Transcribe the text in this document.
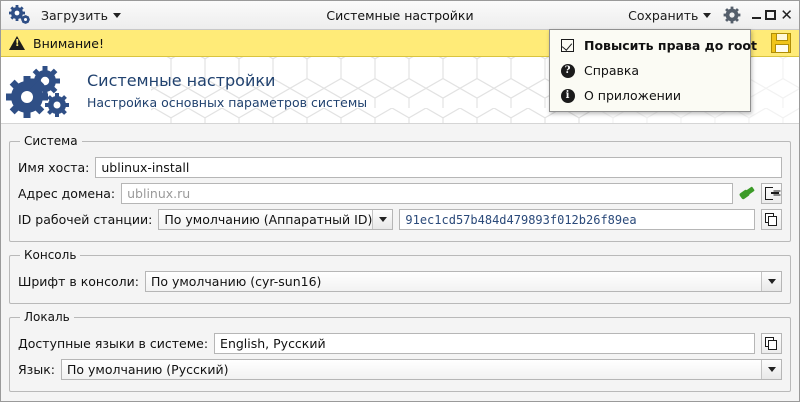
Загрузить	Системные настройки	Сохранить	✕
Повысить права до root
?	Справка
i	О приложении
!
Внимание!
Системные настройки
Настройка основных параметров системы
Система
Имя хоста: ublinux-install
Адрес домена: ublinux.ru
ID рабочей станции: По умолчанию (Аппаратный ID)	91ec1cd57b484d479893f012b26f89ea
Консоль
Шрифт в консоли: По умолчанию (cyr-sun16)
Локаль
Доступные языки в системе: English, Русский
Язык: По умолчанию (Русский)
